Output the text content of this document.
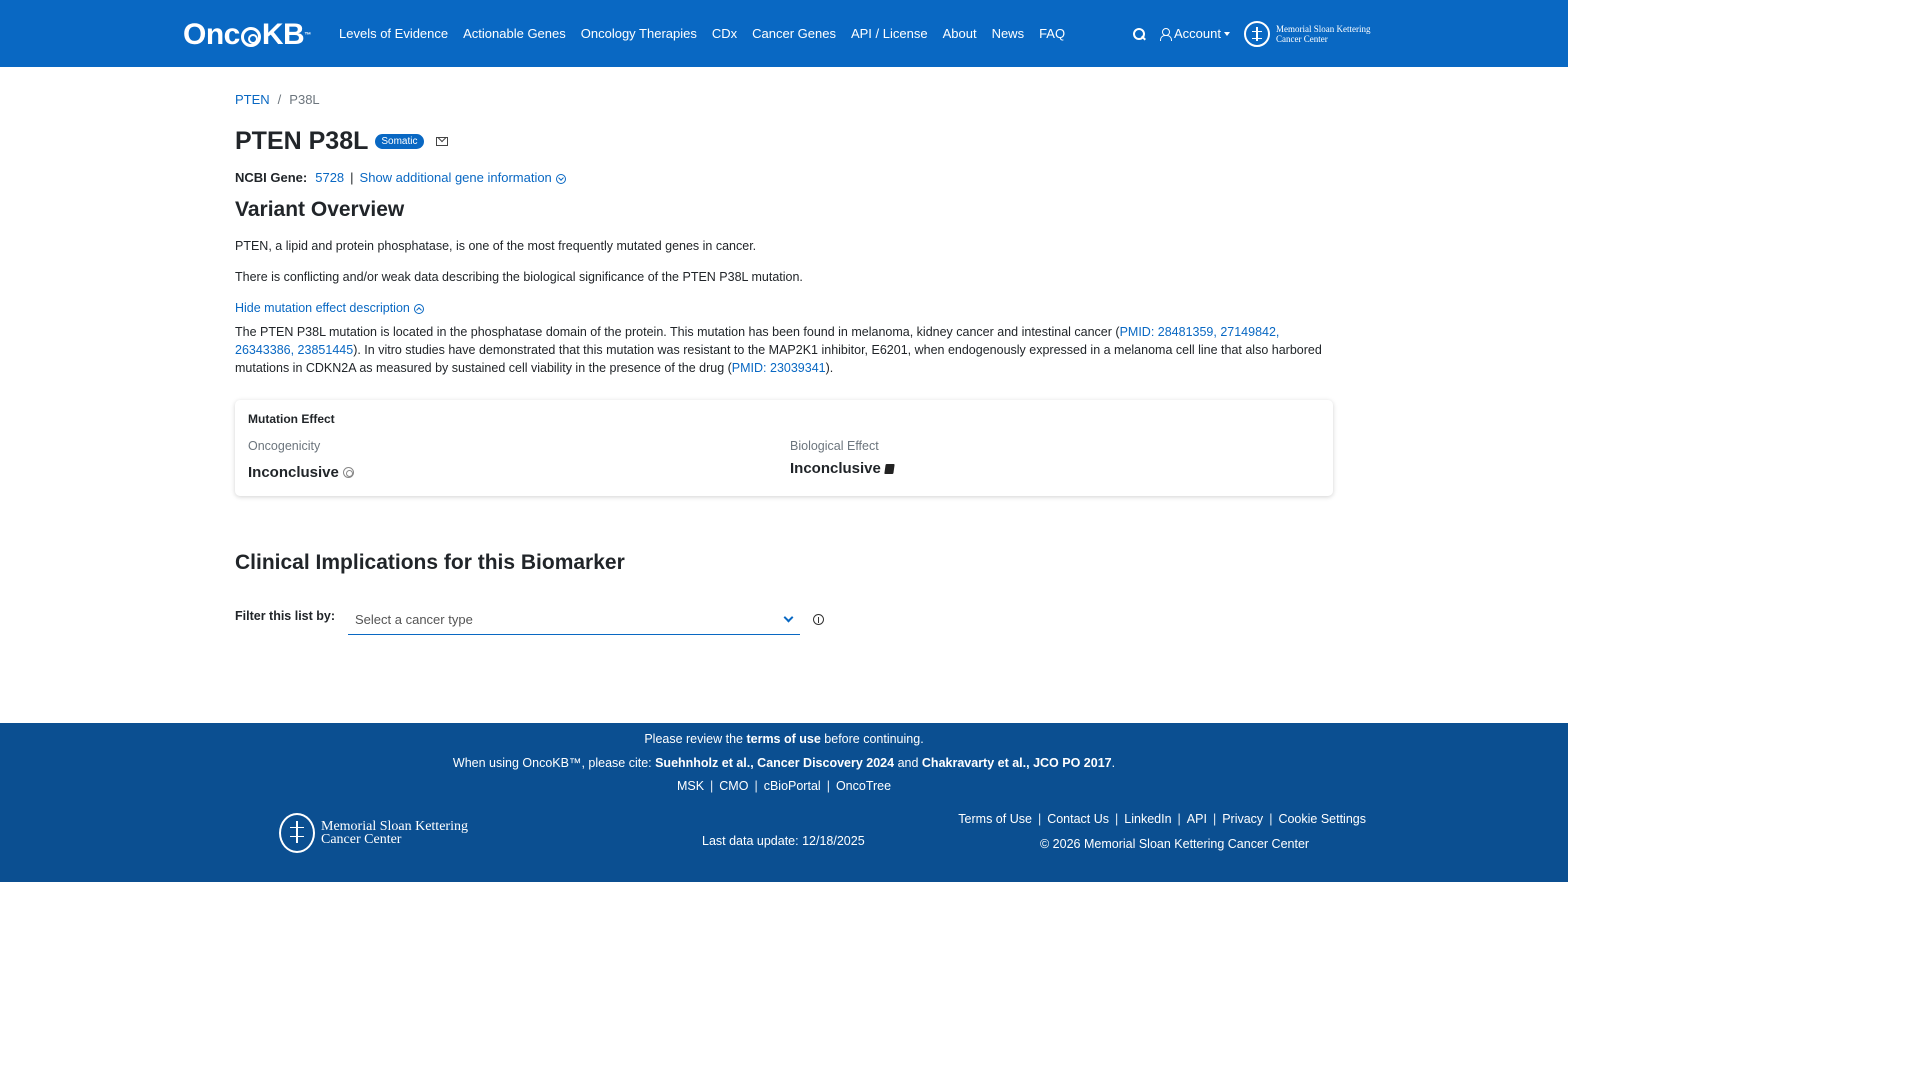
Onc KB ™ Levels of Evidence Actionable Genes Oncology Therapies CDx Cancer Genes API / License About News FAQ	Account	Memorial Sloan Kettering
Cancer Center
PTEN / P38L
PTEN P38L	Somatic
NCBI Gene: 5728 | Show additional gene information
Variant Overview

PTEN, a lipid and protein phosphatase, is one of the most frequently mutated genes in cancer.

There is conflicting and/or weak data describing the biological significance of the PTEN P38L mutation.

Hide mutation effect description

The PTEN P38L mutation is located in the phosphatase domain of the protein. This mutation has been found in melanoma, kidney cancer and intestinal cancer (PMID: 28481359, 27149842, 26343386, 23851445). In vitro studies have demonstrated that this mutation was resistant to the MAP2K1 inhibitor, E6201, when endogenously expressed in a melanoma cell line that also harbored mutations in CDKN2A as measured by sustained cell viability in the presence of the drug (PMID: 23039341).

Mutation Effect
Oncogenicity
Inconclusive
Biological Effect
Inconclusive
Clinical Implications for this Biomarker
Filter this list by: Select a cancer type
Please review the terms of use before continuing.
When using OncoKB™, please cite: Suehnholz et al., Cancer Discovery 2024 and Chakravarty et al., JCO PO 2017.
MSK | CMO | cBioPortal | OncoTree
Memorial Sloan Kettering
Cancer Center	Last data update: 12/18/2025
Terms of Use | Contact Us | LinkedIn | API | Privacy | Cookie Settings
© 2026 Memorial Sloan Kettering Cancer Center
